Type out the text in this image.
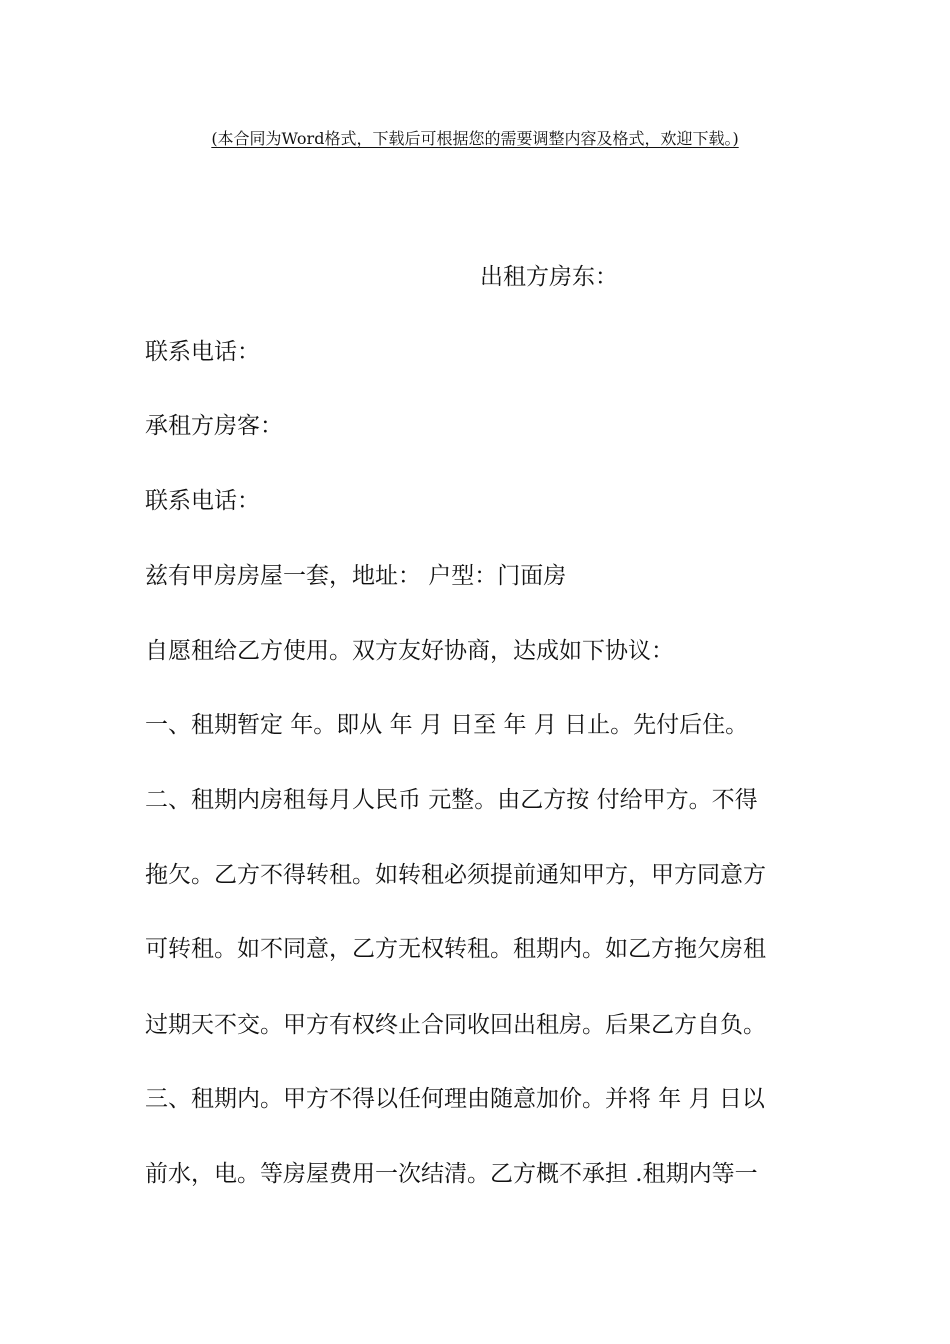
(本合同为Word格式，下载后可根据您的需要调整内容及格式，欢迎下载。)
出租方房东：
联系电话：
承租方房客：
联系电话：
兹有甲房房屋一套，地址： 户型：门面房
自愿租给乙方使用。双方友好协商，达成如下协议：
一、租期暂定 年。即从 年 月 日至 年 月 日止。先付后住。
二、租期内房租每月人民币 元整。由乙方按 付给甲方。不得
拖欠。乙方不得转租。如转租必须提前通知甲方，甲方同意方
可转租。如不同意，乙方无权转租。租期内。如乙方拖欠房租
过期天不交。甲方有权终止合同收回出租房。后果乙方自负。
三、租期内。甲方不得以任何理由随意加价。并将 年 月 日以
前水，电。等房屋费用一次结清。乙方概不承担 .租期内等一
